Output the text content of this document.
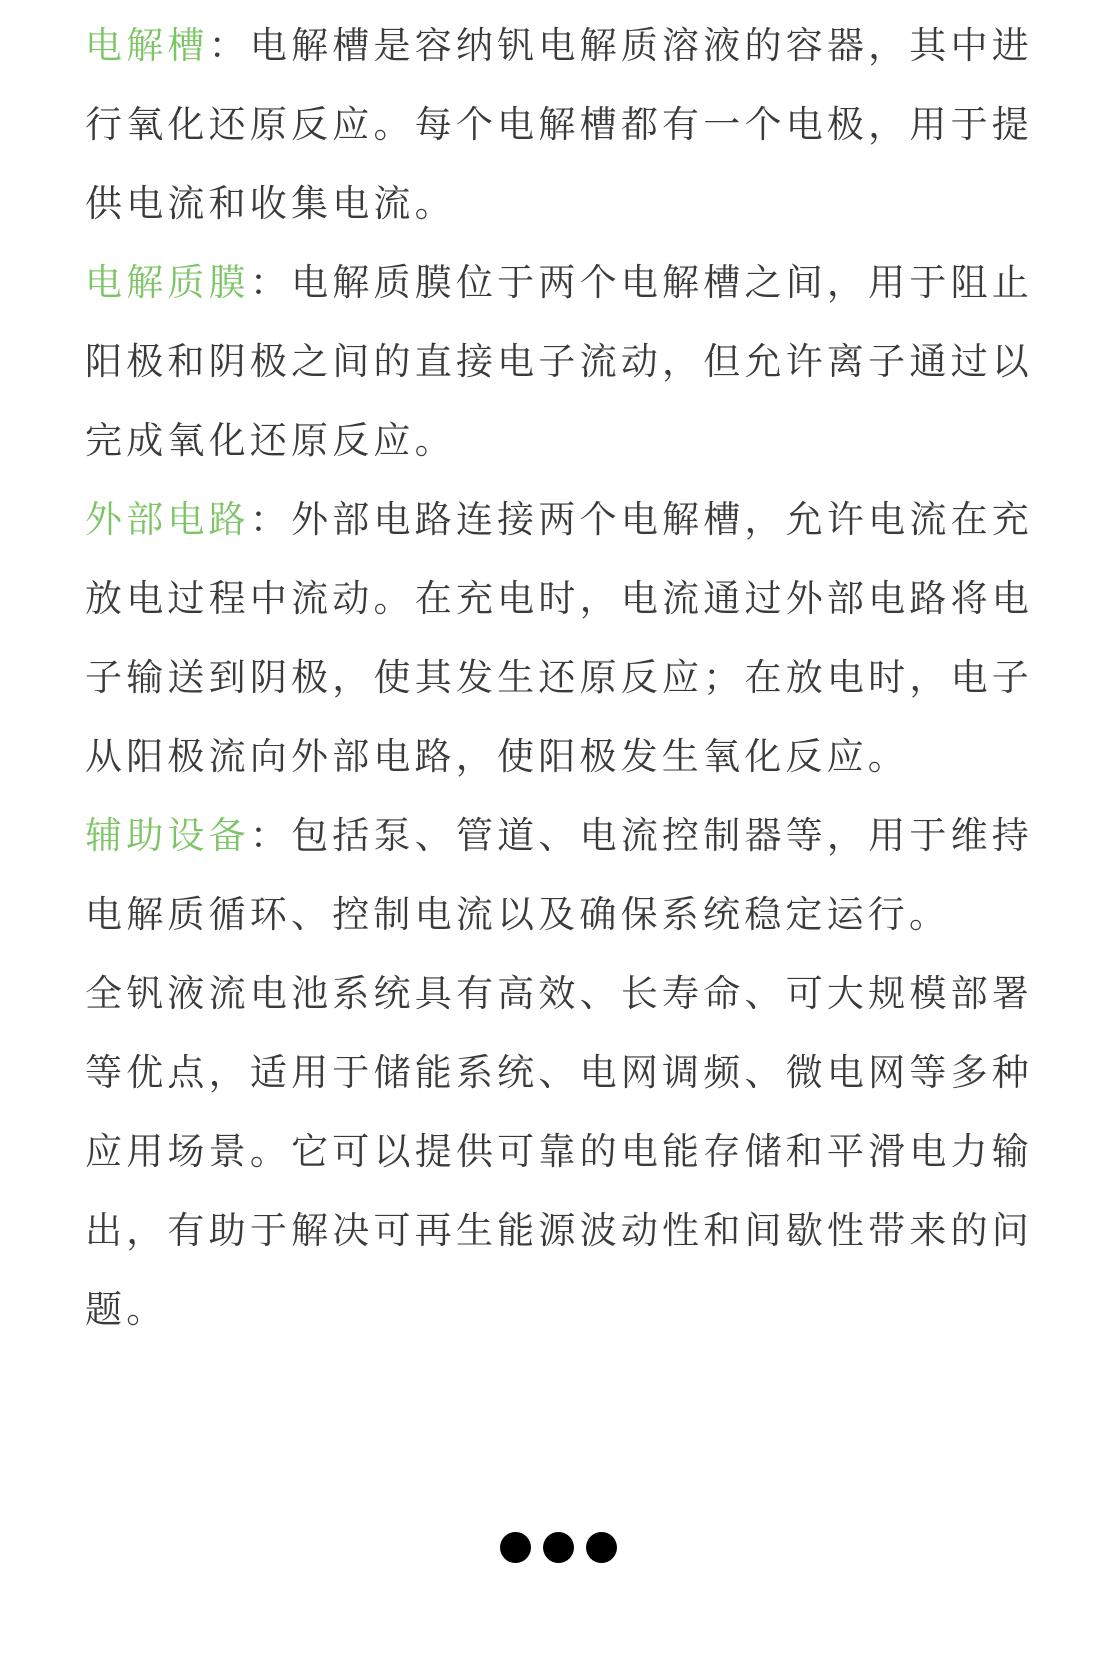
电解槽：电解槽是容纳钒电解质溶液的容器，其中进行氧化还原反应。每个电解槽都有一个电极，用于提供电流和收集电流。

电解质膜：电解质膜位于两个电解槽之间，用于阻止阳极和阴极之间的直接电子流动，但允许离子通过以完成氧化还原反应。

外部电路：外部电路连接两个电解槽，允许电流在充放电过程中流动。在充电时，电流通过外部电路将电子输送到阴极，使其发生还原反应；在放电时，电子从阳极流向外部电路，使阳极发生氧化反应。

辅助设备：包括泵、管道、电流控制器等，用于维持电解质循环、控制电流以及确保系统稳定运行。

全钒液流电池系统具有高效、长寿命、可大规模部署等优点，适用于储能系统、电网调频、微电网等多种应用场景。它可以提供可靠的电能存储和平滑电力输出，有助于解决可再生能源波动性和间歇性带来的问题。
